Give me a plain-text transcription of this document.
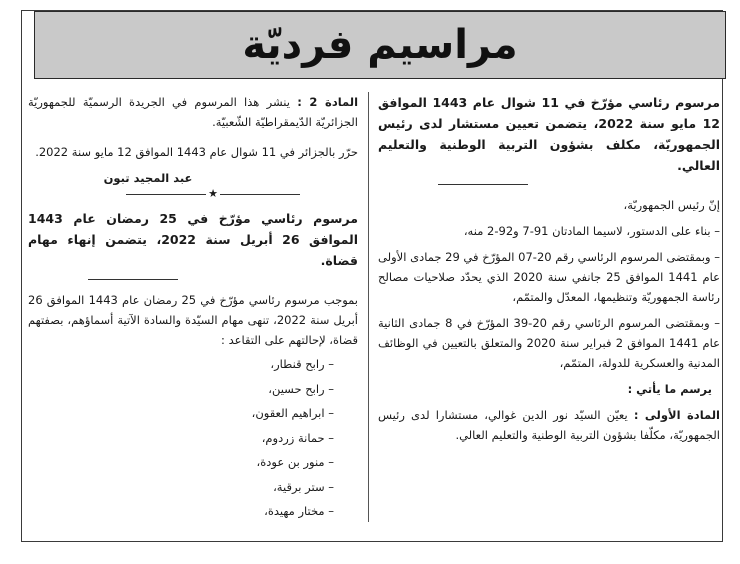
مراسيم فرديّة

مرسوم رئاسي مؤرّخ في 11 شوال عام 1443 الموافق 12 مايو سنة 2022، يتضمن تعيين مستشار لدى رئيس الجمهوريّة، مكلف بشؤون التربية الوطنية والتعليم العالي.

إنّ رئيس الجمهوريّة،

– بناء على الدستور، لاسيما المادتان 91-7 و92-2 منه،

– وبمقتضى المرسوم الرئاسي رقم 20-07 المؤرّخ في 29 جمادى الأولى عام 1441 الموافق 25 جانفي سنة 2020 الذي يحدّد صلاحيات مصالح رئاسة الجمهوريّة وتنظيمها، المعدّل والمتمّم،

– وبمقتضى المرسوم الرئاسي رقم 20-39 المؤرّخ في 8 جمادى الثانية عام 1441 الموافق 2 فبراير سنة 2020 والمتعلق بالتعيين في الوظائف المدنية والعسكرية للدولة، المتمّم،

يرسم ما يأتي :

المادة الأولى : يعيّن السيّد نور الدين غوالي، مستشارا لدى رئيس الجمهوريّة، مكلّفا بشؤون التربية الوطنية والتعليم العالي.

المادة 2 : ينشر هذا المرسوم في الجريدة الرسميّة للجمهوريّة الجزائريّة الدّيمقراطيّة الشّعبيّة.

حرّر بالجزائر في 11 شوال عام 1443 الموافق 12 مايو سنة 2022.

عبد المجيد تبون

★

مرسوم رئاسي مؤرّخ في 25 رمضان عام 1443 الموافق 26 أبريل سنة 2022، يتضمن إنهاء مهام قضاة.

بموجب مرسوم رئاسي مؤرّخ في 25 رمضان عام 1443 الموافق 26 أبريل سنة 2022، تنهى مهام السيّدة والسادة الآتية أسماؤهم، بصفتهم قضاة، لإحالتهم على التقاعد :

– رابح قنطار،
– رابح حسين،
– ابراهيم العقون،
– حمانة زردوم،
– منور بن عودة،
– ستر برقية،
– مختار مهيدة،
